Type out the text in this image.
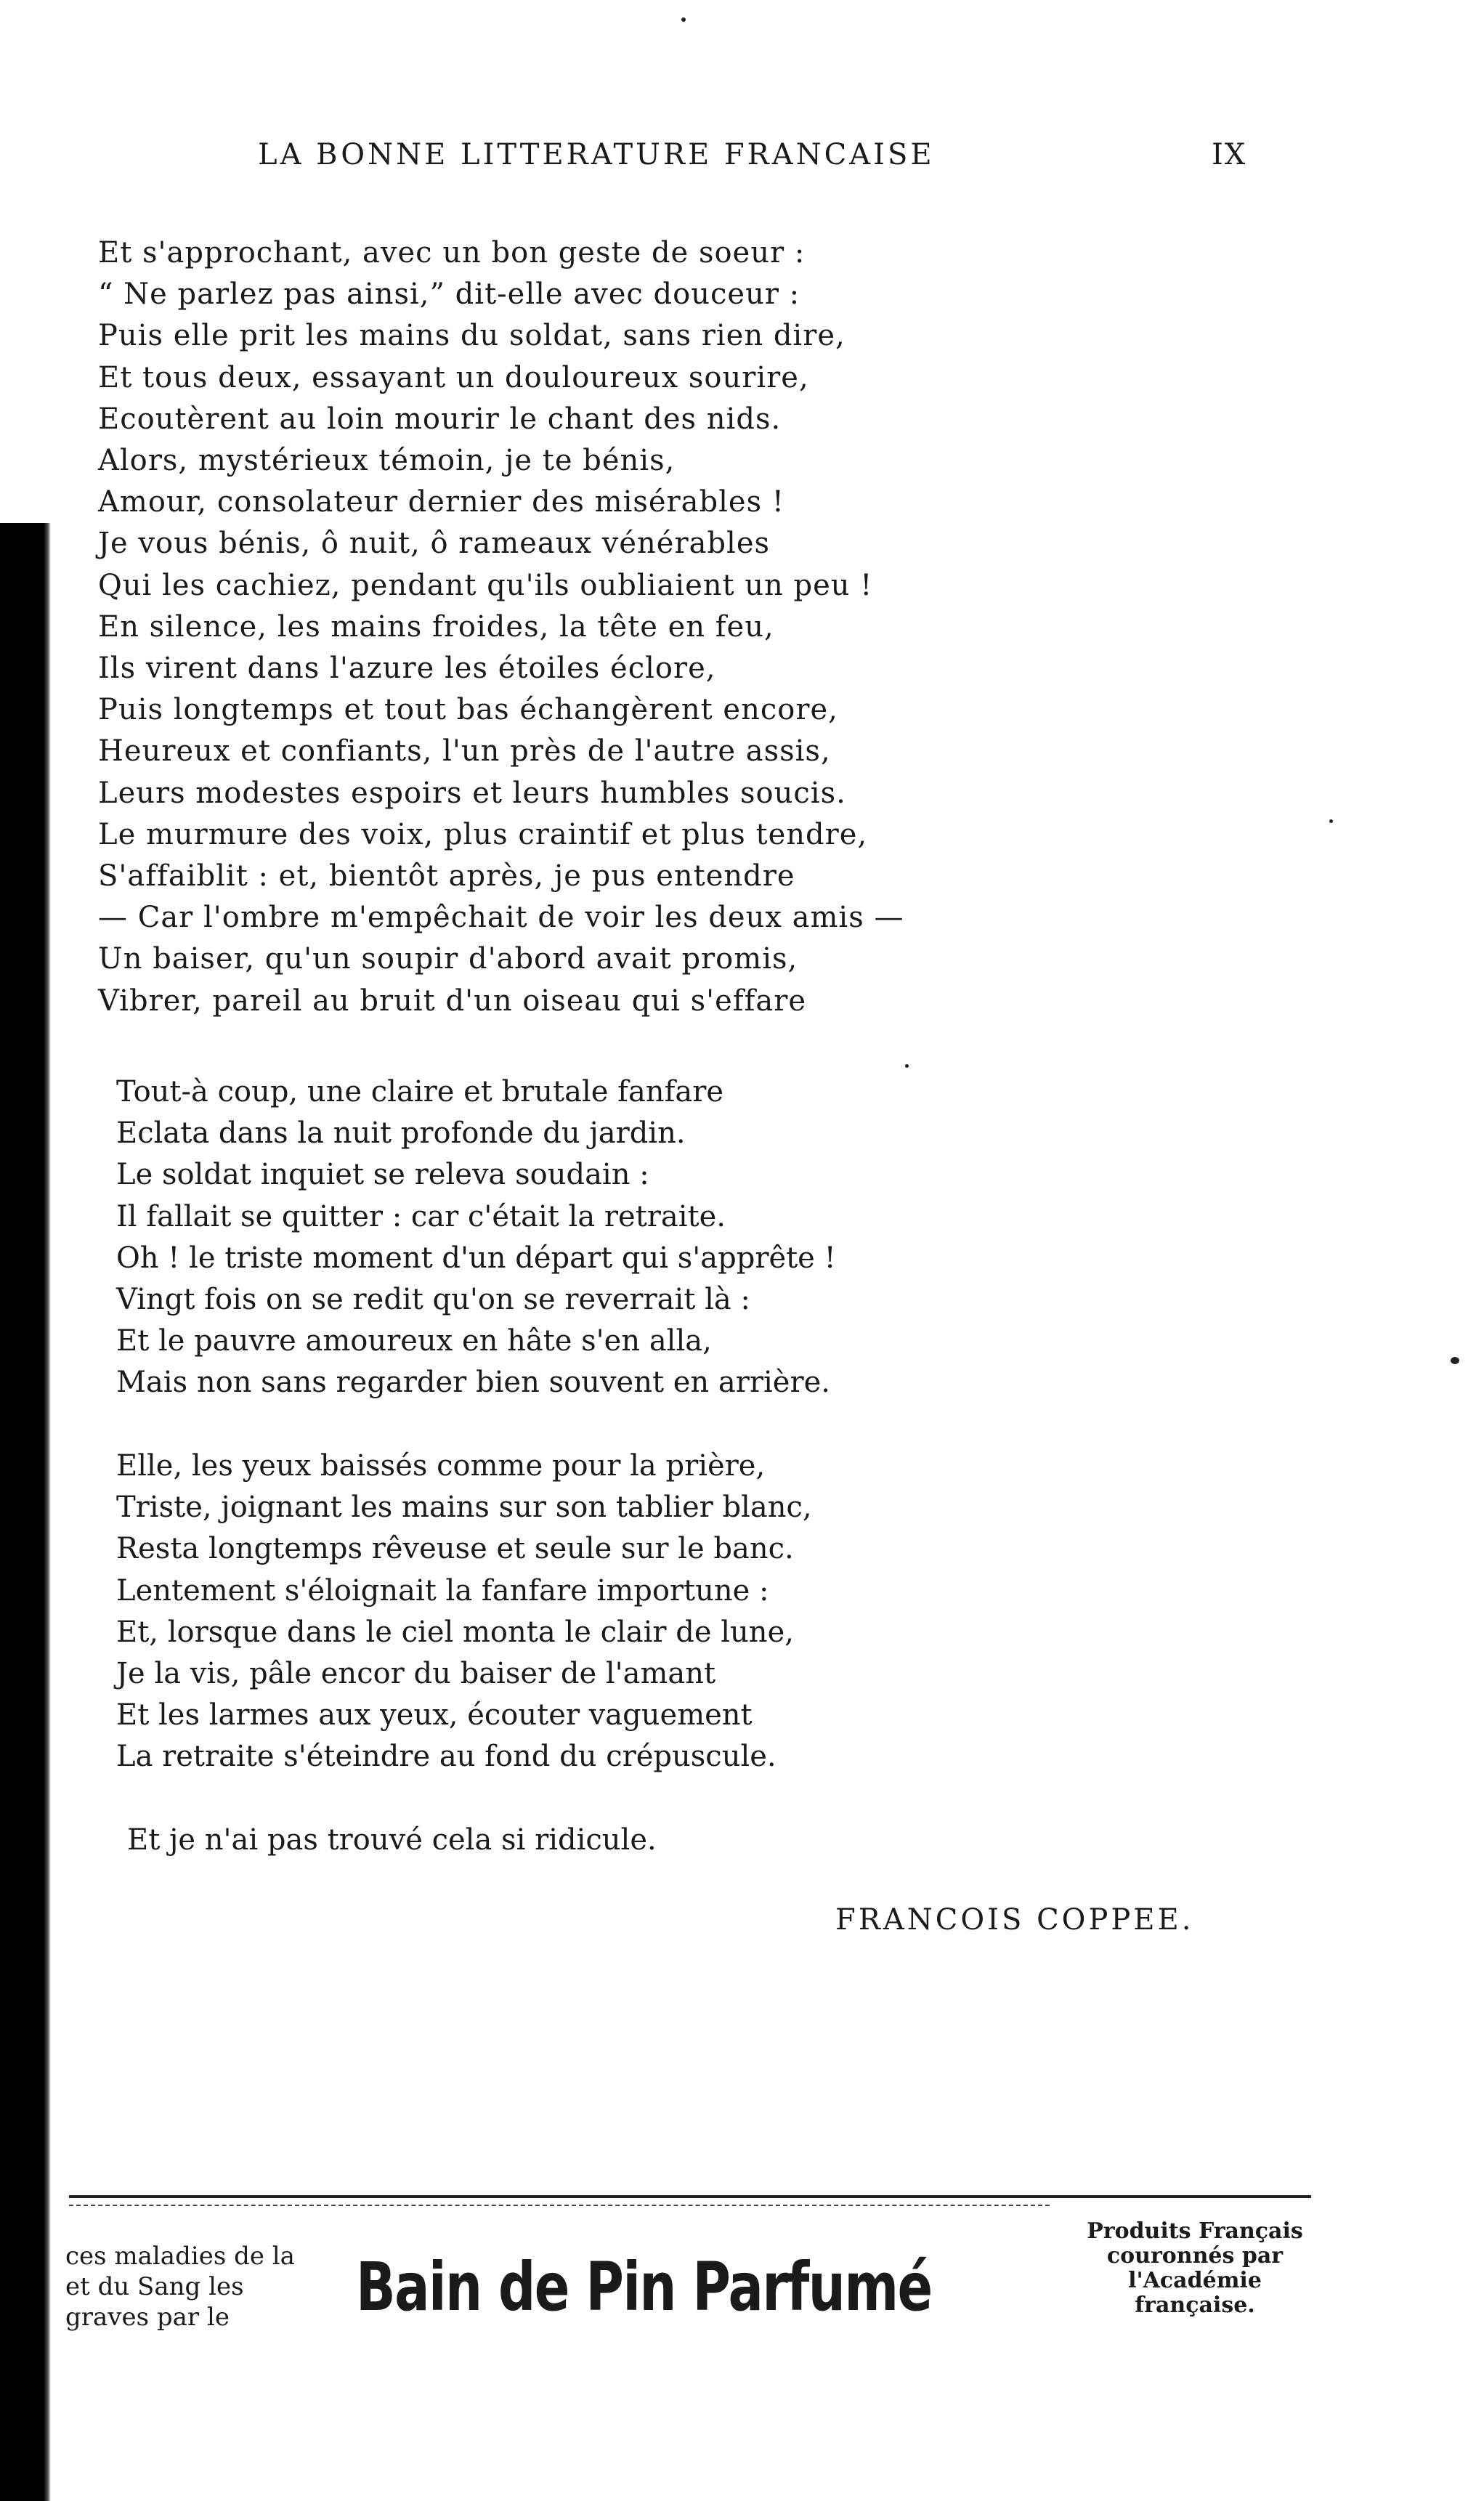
LA BONNE LITTERATURE FRANCAISE	IX
Et s'approchant, avec un bon geste de soeur :
“ Ne parlez pas ainsi,” dit-elle avec douceur :
Puis elle prit les mains du soldat, sans rien dire,
Et tous deux, essayant un douloureux sourire,
Ecoutèrent au loin mourir le chant des nids.
Alors, mystérieux témoin, je te bénis,
Amour, consolateur dernier des misérables !
Je vous bénis, ô nuit, ô rameaux vénérables
Qui les cachiez, pendant qu'ils oubliaient un peu !
En silence, les mains froides, la tête en feu,
Ils virent dans l'azure les étoiles éclore,
Puis longtemps et tout bas échangèrent encore,
Heureux et confiants, l'un près de l'autre assis,
Leurs modestes espoirs et leurs humbles soucis.
Le murmure des voix, plus craintif et plus tendre,
S'affaiblit : et, bientôt après, je pus entendre
— Car l'ombre m'empêchait de voir les deux amis —
Un baiser, qu'un soupir d'abord avait promis,
Vibrer, pareil au bruit d'un oiseau qui s'effare
Tout-à coup, une claire et brutale fanfare
Eclata dans la nuit profonde du jardin.
Le soldat inquiet se releva soudain :
Il fallait se quitter : car c'était la retraite.
Oh ! le triste moment d'un départ qui s'apprête !
Vingt fois on se redit qu'on se reverrait là :
Et le pauvre amoureux en hâte s'en alla,
Mais non sans regarder bien souvent en arrière.
Elle, les yeux baissés comme pour la prière,
Triste, joignant les mains sur son tablier blanc,
Resta longtemps rêveuse et seule sur le banc.
Lentement s'éloignait la fanfare importune :
Et, lorsque dans le ciel monta le clair de lune,
Je la vis, pâle encor du baiser de l'amant
Et les larmes aux yeux, écouter vaguement
La retraite s'éteindre au fond du crépuscule.
Et je n'ai pas trouvé cela si ridicule.
FRANCOIS COPPEE.
ces maladies de la
et du Sang les
graves par le	Bain de Pin Parfumé
Produits Français
couronnés par
l'Académie
française.
